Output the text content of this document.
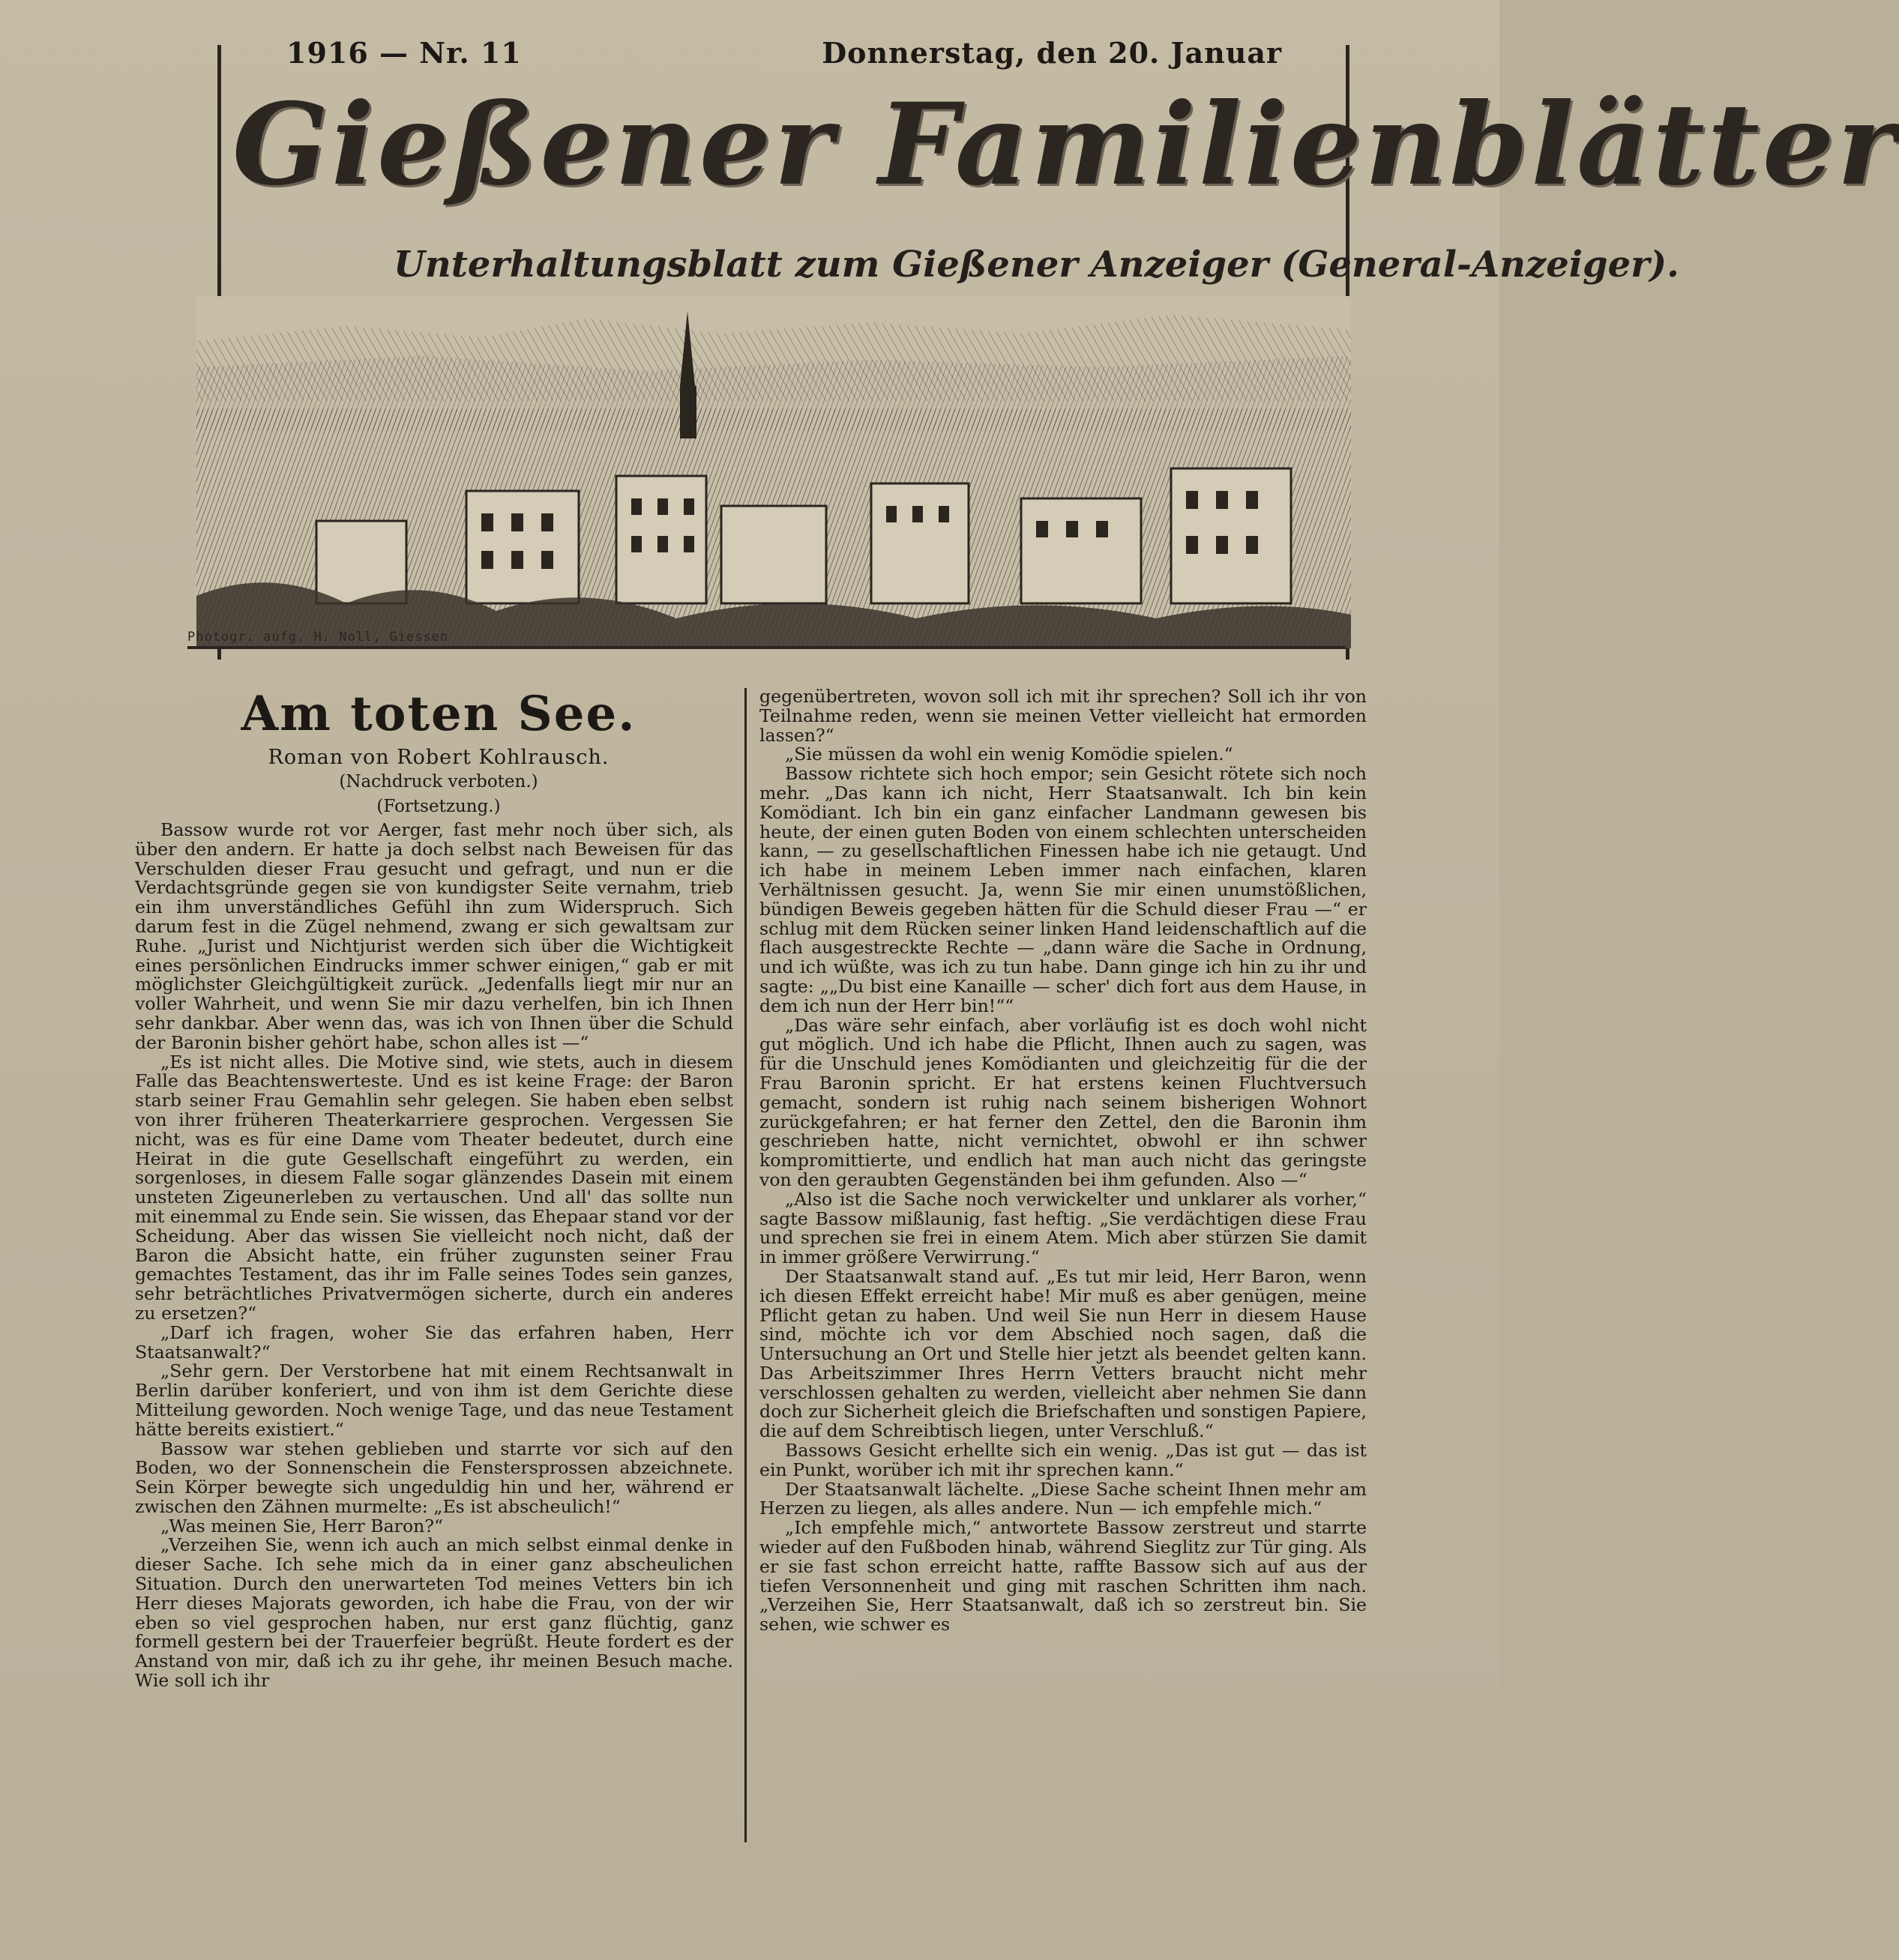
1916 — Nr. 11	Donnerstag, den 20. Januar
Gießener Familienblätter
Unterhaltungsblatt zum Gießener Anzeiger (General-Anzeiger).
Photogr. aufg. H. Noll, Giessen
Am toten See.
Roman von Robert Kohlrausch.
(Nachdruck verboten.)
(Fortsetzung.)

Bassow wurde rot vor Aerger, fast mehr noch über sich, als über den andern. Er hatte ja doch selbst nach Beweisen für das Verschulden dieser Frau gesucht und gefragt, und nun er die Verdachtsgründe gegen sie von kundigster Seite vernahm, trieb ein ihm unverständliches Gefühl ihn zum Widerspruch. Sich darum fest in die Zügel nehmend, zwang er sich gewaltsam zur Ruhe. „Jurist und Nichtjurist werden sich über die Wichtigkeit eines persönlichen Eindrucks immer schwer einigen,“ gab er mit möglichster Gleichgültigkeit zurück. „Jedenfalls liegt mir nur an voller Wahrheit, und wenn Sie mir dazu verhelfen, bin ich Ihnen sehr dankbar. Aber wenn das, was ich von Ihnen über die Schuld der Baronin bisher gehört habe, schon alles ist —“

„Es ist nicht alles. Die Motive sind, wie stets, auch in diesem Falle das Beachtenswerteste. Und es ist keine Frage: der Baron starb seiner Frau Gemahlin sehr gelegen. Sie haben eben selbst von ihrer früheren Theaterkarriere gesprochen. Vergessen Sie nicht, was es für eine Dame vom Theater bedeutet, durch eine Heirat in die gute Gesellschaft eingeführt zu werden, ein sorgenloses, in diesem Falle sogar glänzendes Dasein mit einem unsteten Zigeunerleben zu vertauschen. Und all' das sollte nun mit einemmal zu Ende sein. Sie wissen, das Ehepaar stand vor der Scheidung. Aber das wissen Sie vielleicht noch nicht, daß der Baron die Absicht hatte, ein früher zugunsten seiner Frau gemachtes Testament, das ihr im Falle seines Todes sein ganzes, sehr beträchtliches Privatvermögen sicherte, durch ein anderes zu ersetzen?“

„Darf ich fragen, woher Sie das erfahren haben, Herr Staatsanwalt?“

„Sehr gern. Der Verstorbene hat mit einem Rechtsanwalt in Berlin darüber konferiert, und von ihm ist dem Gerichte diese Mitteilung geworden. Noch wenige Tage, und das neue Testament hätte bereits existiert.“

Bassow war stehen geblieben und starrte vor sich auf den Boden, wo der Sonnenschein die Fenstersprossen abzeichnete. Sein Körper bewegte sich ungeduldig hin und her, während er zwischen den Zähnen murmelte: „Es ist abscheulich!“

„Was meinen Sie, Herr Baron?“

„Verzeihen Sie, wenn ich auch an mich selbst einmal denke in dieser Sache. Ich sehe mich da in einer ganz abscheulichen Situation. Durch den unerwarteten Tod meines Vetters bin ich Herr dieses Majorats geworden, ich habe die Frau, von der wir eben so viel gesprochen haben, nur erst ganz flüchtig, ganz formell gestern bei der Trauerfeier begrüßt. Heute fordert es der Anstand von mir, daß ich zu ihr gehe, ihr meinen Besuch mache. Wie soll ich ihr

gegenübertreten, wovon soll ich mit ihr sprechen? Soll ich ihr von Teilnahme reden, wenn sie meinen Vetter vielleicht hat ermorden lassen?“

„Sie müssen da wohl ein wenig Komödie spielen.“

Bassow richtete sich hoch empor; sein Gesicht rötete sich noch mehr. „Das kann ich nicht, Herr Staatsanwalt. Ich bin kein Komödiant. Ich bin ein ganz einfacher Landmann gewesen bis heute, der einen guten Boden von einem schlechten unterscheiden kann, — zu gesellschaftlichen Finessen habe ich nie getaugt. Und ich habe in meinem Leben immer nach einfachen, klaren Verhältnissen gesucht. Ja, wenn Sie mir einen unumstößlichen, bündigen Beweis gegeben hätten für die Schuld dieser Frau —“ er schlug mit dem Rücken seiner linken Hand leidenschaftlich auf die flach ausgestreckte Rechte — „dann wäre die Sache in Ordnung, und ich wüßte, was ich zu tun habe. Dann ginge ich hin zu ihr und sagte: „„Du bist eine Kanaille — scher' dich fort aus dem Hause, in dem ich nun der Herr bin!““

„Das wäre sehr einfach, aber vorläufig ist es doch wohl nicht gut möglich. Und ich habe die Pflicht, Ihnen auch zu sagen, was für die Unschuld jenes Komödianten und gleichzeitig für die der Frau Baronin spricht. Er hat erstens keinen Fluchtversuch gemacht, sondern ist ruhig nach seinem bisherigen Wohnort zurückgefahren; er hat ferner den Zettel, den die Baronin ihm geschrieben hatte, nicht vernichtet, obwohl er ihn schwer kompromittierte, und endlich hat man auch nicht das geringste von den geraubten Gegenständen bei ihm gefunden. Also —“

„Also ist die Sache noch verwickelter und unklarer als vorher,“ sagte Bassow mißlaunig, fast heftig. „Sie verdächtigen diese Frau und sprechen sie frei in einem Atem. Mich aber stürzen Sie damit in immer größere Verwirrung.“

Der Staatsanwalt stand auf. „Es tut mir leid, Herr Baron, wenn ich diesen Effekt erreicht habe! Mir muß es aber genügen, meine Pflicht getan zu haben. Und weil Sie nun Herr in diesem Hause sind, möchte ich vor dem Abschied noch sagen, daß die Untersuchung an Ort und Stelle hier jetzt als beendet gelten kann. Das Arbeitszimmer Ihres Herrn Vetters braucht nicht mehr verschlossen gehalten zu werden, vielleicht aber nehmen Sie dann doch zur Sicherheit gleich die Briefschaften und sonstigen Papiere, die auf dem Schreibtisch liegen, unter Verschluß.“

Bassows Gesicht erhellte sich ein wenig. „Das ist gut — das ist ein Punkt, worüber ich mit ihr sprechen kann.“

Der Staatsanwalt lächelte. „Diese Sache scheint Ihnen mehr am Herzen zu liegen, als alles andere. Nun — ich empfehle mich.“

„Ich empfehle mich,“ antwortete Bassow zerstreut und starrte wieder auf den Fußboden hinab, während Sieglitz zur Tür ging. Als er sie fast schon erreicht hatte, raffte Bassow sich auf aus der tiefen Versonnenheit und ging mit raschen Schritten ihm nach. „Verzeihen Sie, Herr Staatsanwalt, daß ich so zerstreut bin. Sie sehen, wie schwer es
